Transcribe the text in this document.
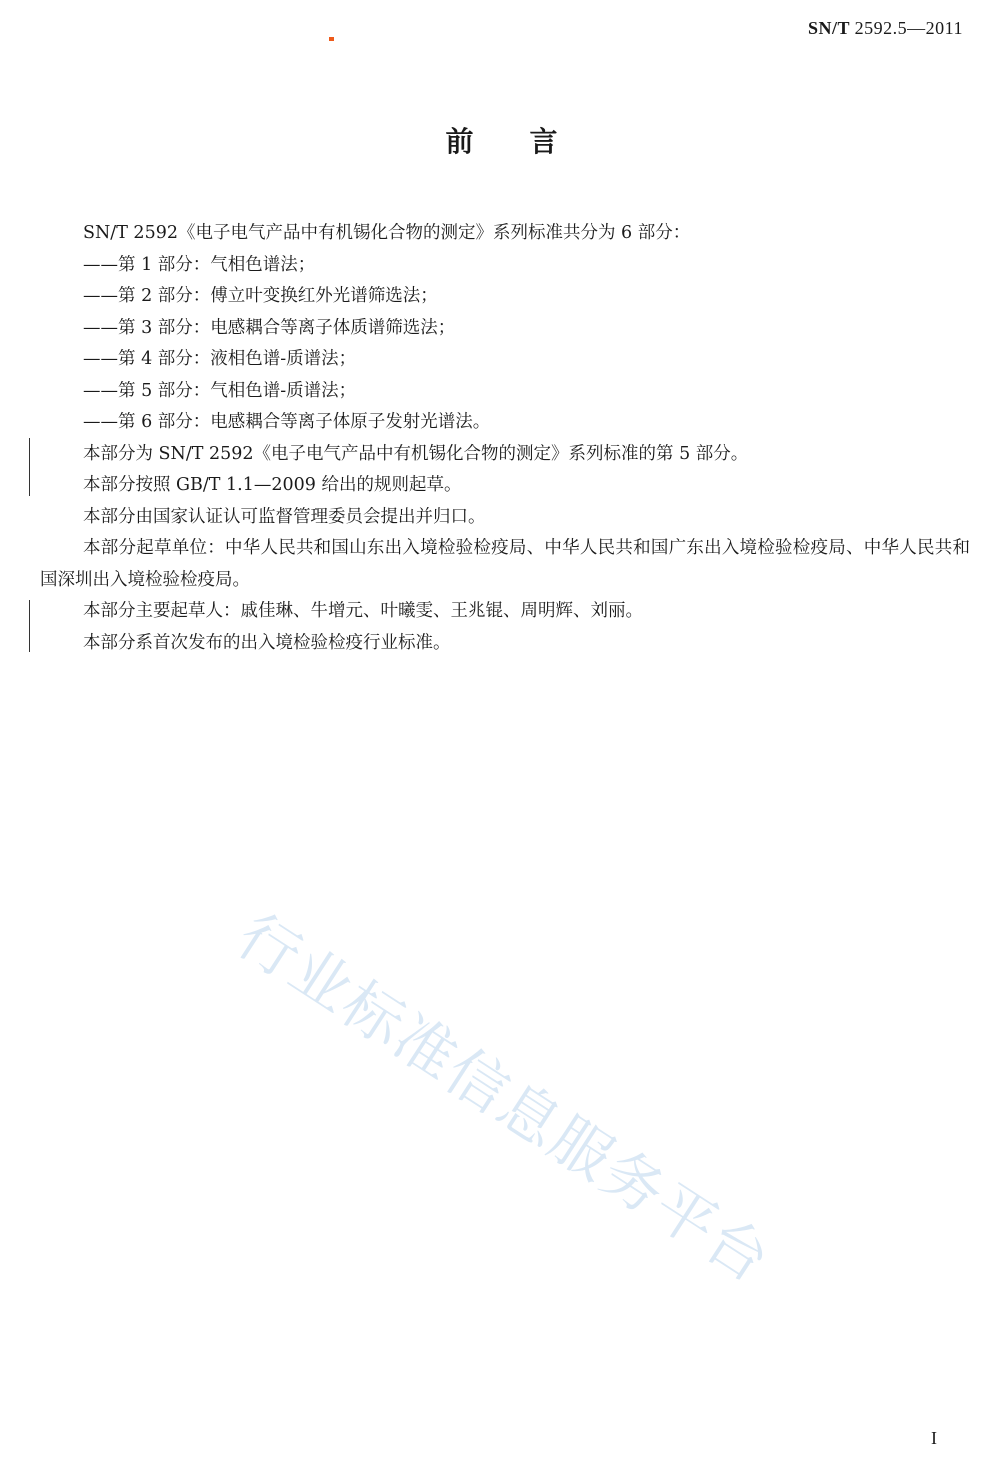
SN/T 2592.5—2011
前言

SN/T 2592《电子电气产品中有机锡化合物的测定》系列标准共分为 6 部分：

——第 1 部分：气相色谱法；

——第 2 部分：傅立叶变换红外光谱筛选法；

——第 3 部分：电感耦合等离子体质谱筛选法；

——第 4 部分：液相色谱-质谱法；

——第 5 部分：气相色谱-质谱法；

——第 6 部分：电感耦合等离子体原子发射光谱法。

本部分为 SN/T 2592《电子电气产品中有机锡化合物的测定》系列标准的第 5 部分。

本部分按照 GB/T 1.1—2009 给出的规则起草。

本部分由国家认证认可监督管理委员会提出并归口。

本部分起草单位：中华人民共和国山东出入境检验检疫局、中华人民共和国广东出入境检验检疫局、中华人民共和国深圳出入境检验检疫局。

本部分主要起草人：戚佳琳、牛增元、叶曦雯、王兆锟、周明辉、刘丽。

本部分系首次发布的出入境检验检疫行业标准。

行业标准信息服务平台
I
